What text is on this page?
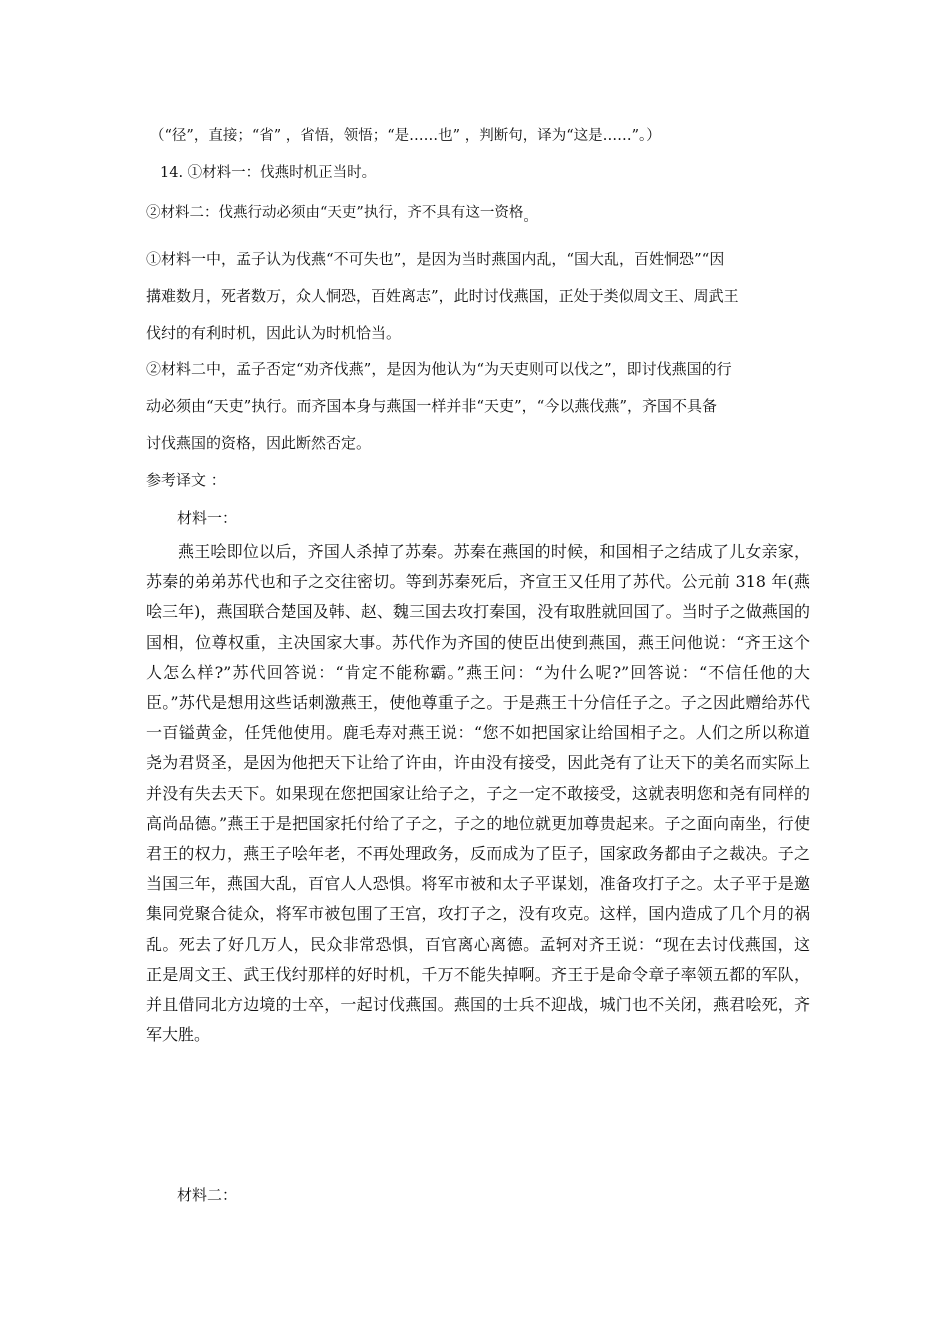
（“径”，直接；“省” ，省悟，领悟；“是……也” ，判断句，译为“这是……”。）
14. ①材料一：伐燕时机正当时。
②材料二：伐燕行动必须由“天吏”执行，齐不具有这一资格。
①材料一中，孟子认为伐燕“不可失也”，是因为当时燕国内乱，“国大乱，百姓恫恐”“因
搆难数月，死者数万，众人恫恐，百姓离志”，此时讨伐燕国，正处于类似周文王、周武王
伐纣的有利时机，因此认为时机恰当。
②材料二中，孟子否定“劝齐伐燕”，是因为他认为“为天吏则可以伐之”，即讨伐燕国的行
动必须由“天吏”执行。而齐国本身与燕国一样并非“天吏”，“今以燕伐燕”，齐国不具备
讨伐燕国的资格，因此断然否定。
参考译文 ：
材料一：

燕王哙即位以后，齐国人杀掉了苏秦。苏秦在燕国的时候，和国相子之结成了儿女亲家，苏秦的弟弟苏代也和子之交往密切。等到苏秦死后，齐宣王又任用了苏代。公元前 318 年(燕哙三年)，燕国联合楚国及韩、赵、魏三国去攻打秦国，没有取胜就回国了。当时子之做燕国的国相，位尊权重，主决国家大事。苏代作为齐国的使臣出使到燕国，燕王问他说：“齐王这个人怎么样?”苏代回答说：“肯定不能称霸。”燕王问：“为什么呢?”回答说：“不信任他的大臣。”苏代是想用这些话刺激燕王，使他尊重子之。于是燕王十分信任子之。子之因此赠给苏代一百镒黄金，任凭他使用。鹿毛寿对燕王说：“您不如把国家让给国相子之。人们之所以称道尧为君贤圣，是因为他把天下让给了许由，许由没有接受，因此尧有了让天下的美名而实际上并没有失去天下。如果现在您把国家让给子之，子之一定不敢接受，这就表明您和尧有同样的高尚品德。”燕王于是把国家托付给了子之，子之的地位就更加尊贵起来。子之面向南坐，行使君王的权力，燕王子哙年老，不再处理政务，反而成为了臣子，国家政务都由子之裁决。子之当国三年，燕国大乱，百官人人恐惧。将军市被和太子平谋划，准备攻打子之。太子平于是邀集同党聚合徒众，将军市被包围了王宫，攻打子之，没有攻克。这样，国内造成了几个月的祸乱。死去了好几万人，民众非常恐惧，百官离心离德。孟轲对齐王说：“现在去讨伐燕国，这正是周文王、武王伐纣那样的好时机，千万不能失掉啊。齐王于是命令章子率领五都的军队，并且借同北方边境的士卒，一起讨伐燕国。燕国的士兵不迎战，城门也不关闭，燕君哙死，齐军大胜。

材料二：
